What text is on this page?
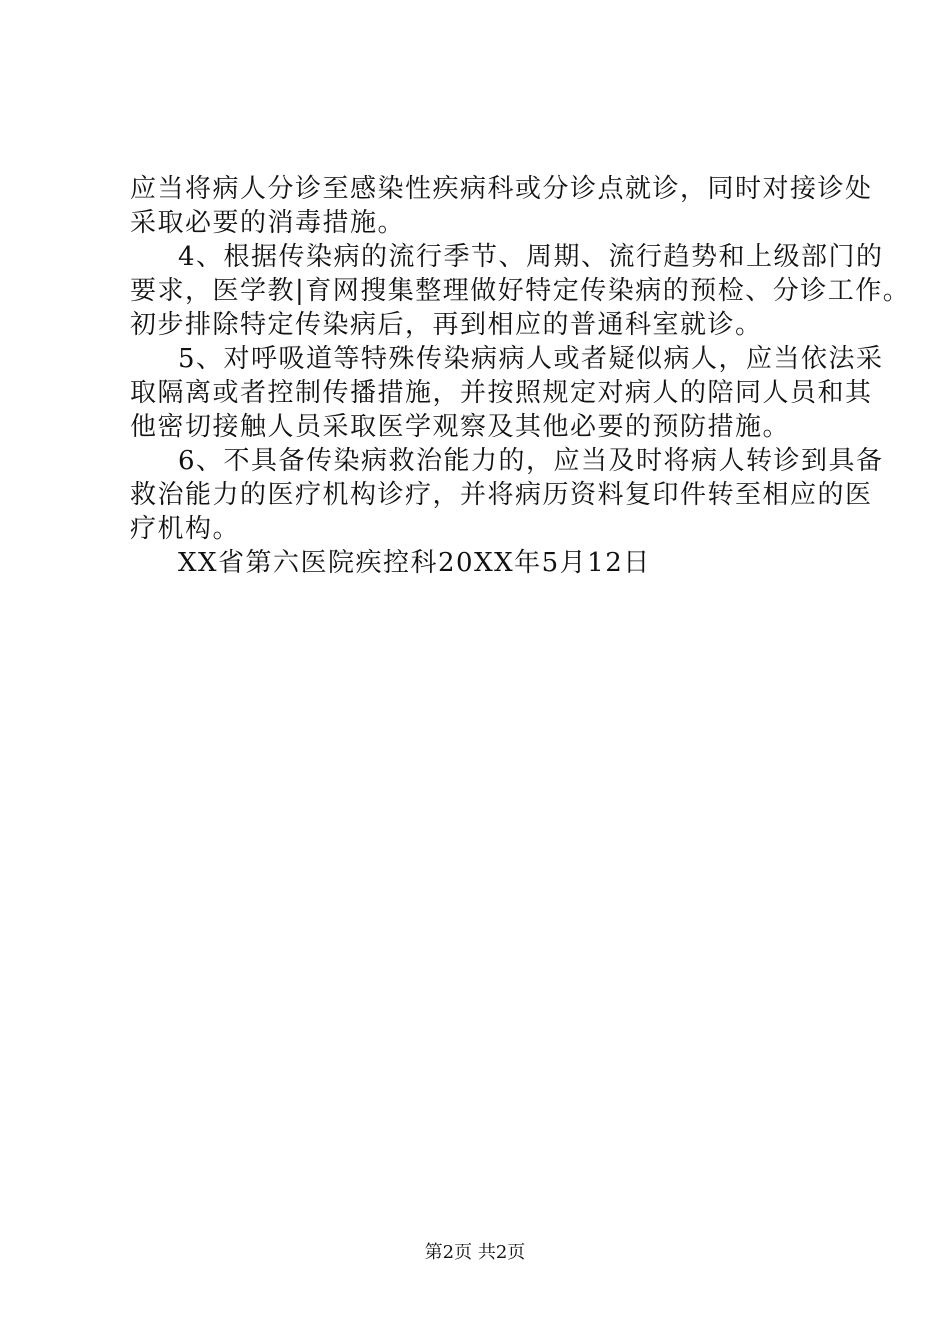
应当将病人分诊至感染性疾病科或分诊点就诊，同时对接诊处
采取必要的消毒措施。
4、根据传染病的流行季节、周期、流行趋势和上级部门的
要求，医学教|育网搜集整理做好特定传染病的预检、分诊工作。
初步排除特定传染病后，再到相应的普通科室就诊。
5、对呼吸道等特殊传染病病人或者疑似病人，应当依法采
取隔离或者控制传播措施，并按照规定对病人的陪同人员和其
他密切接触人员采取医学观察及其他必要的预防措施。
6、不具备传染病救治能力的，应当及时将病人转诊到具备
救治能力的医疗机构诊疗，并将病历资料复印件转至相应的医
疗机构。
XX省第六医院疾控科20XX年5月12日
第2页 共2页
